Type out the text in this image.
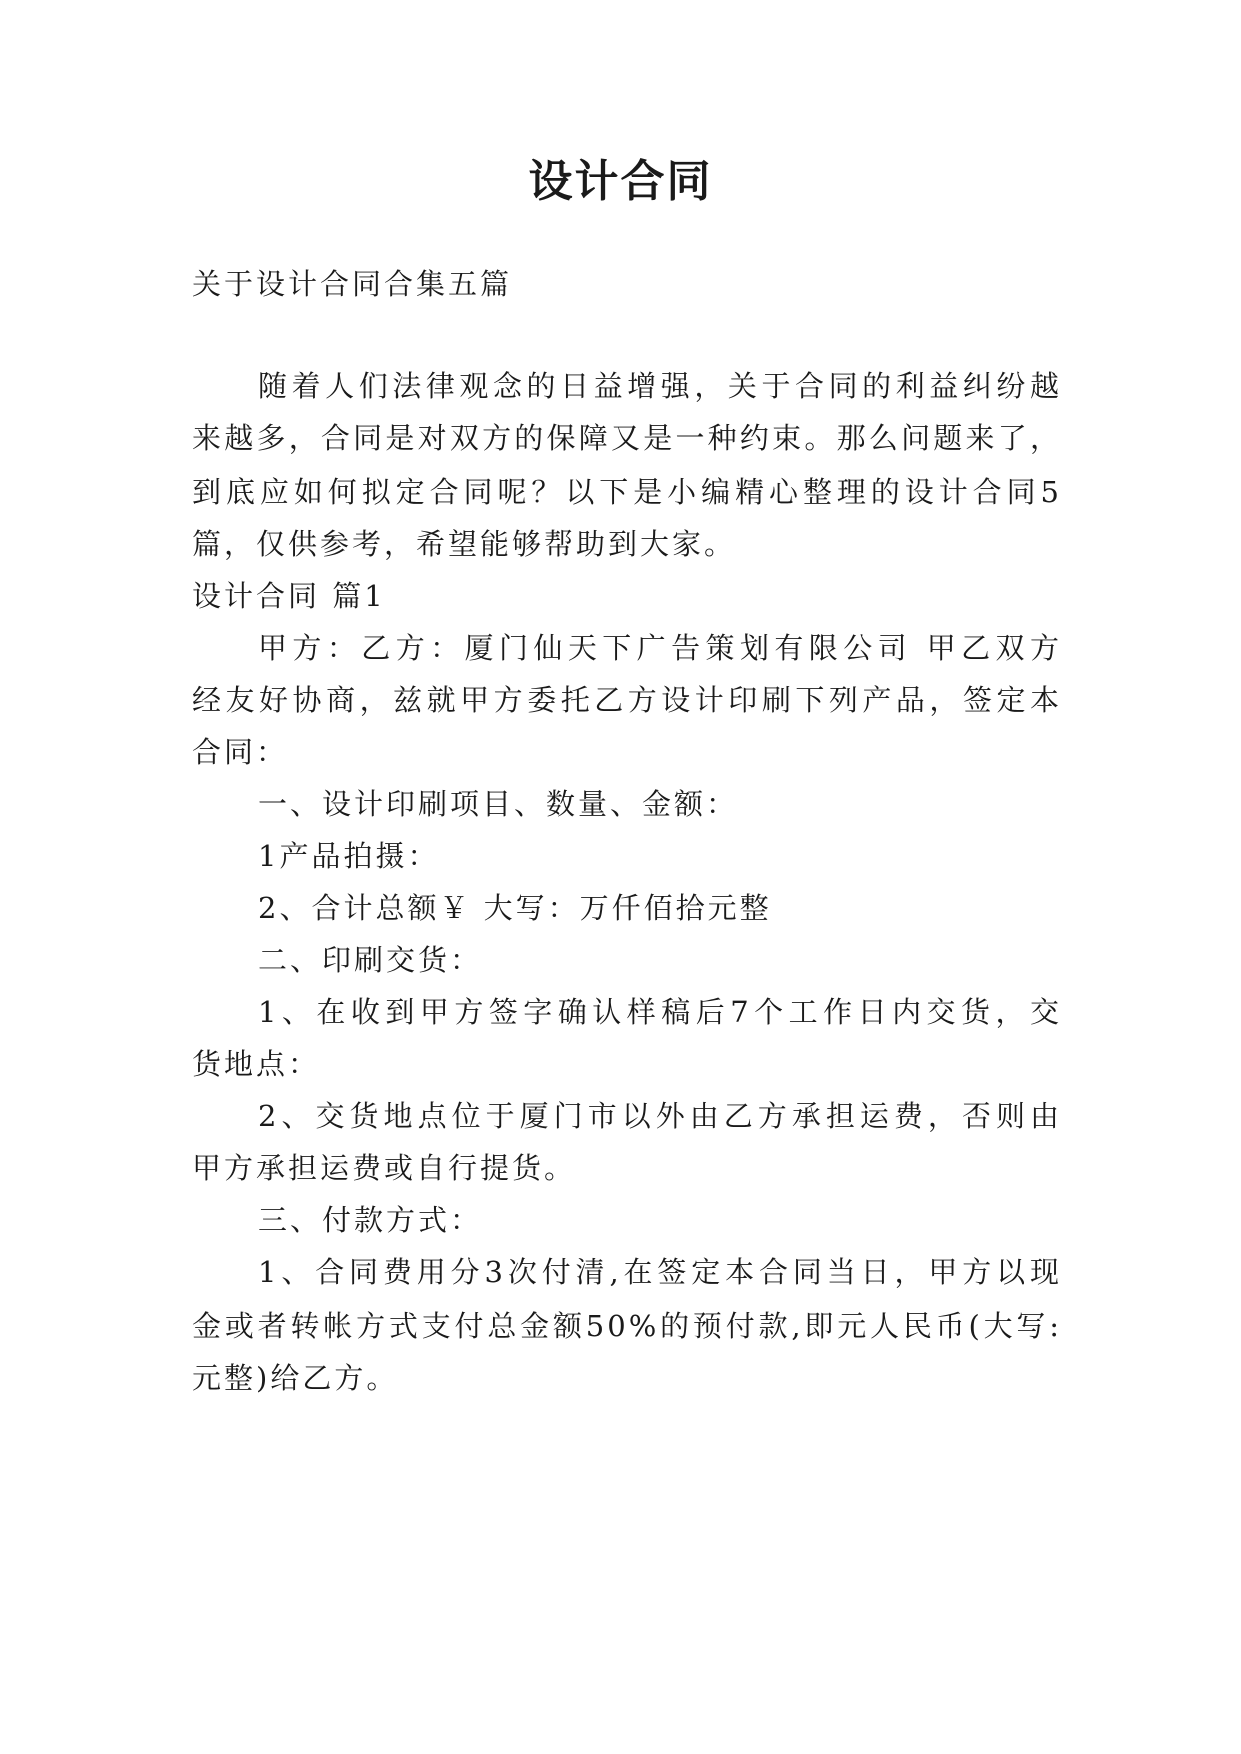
设计合同
关于设计合同合集五篇
随着人们法律观念的日益增强，关于合同的利益纠纷越
来越多，合同是对双方的保障又是一种约束。那么问题来了，
到底应如何拟定合同呢？以下是小编精心整理的设计合同5
篇，仅供参考，希望能够帮助到大家。
设计合同 篇1
甲方：乙方：厦门仙天下广告策划有限公司 甲乙双方
经友好协商，兹就甲方委托乙方设计印刷下列产品，签定本
合同：
一、设计印刷项目、数量、金额：
1产品拍摄：
2、合计总额￥ 大写：万仟佰拾元整
二、印刷交货：
1、在收到甲方签字确认样稿后7个工作日内交货，交
货地点：
2、交货地点位于厦门市以外由乙方承担运费，否则由
甲方承担运费或自行提货。
三、付款方式：
1、合同费用分3次付清,在签定本合同当日，甲方以现
金或者转帐方式支付总金额50%的预付款,即元人民币(大写:
元整)给乙方。
